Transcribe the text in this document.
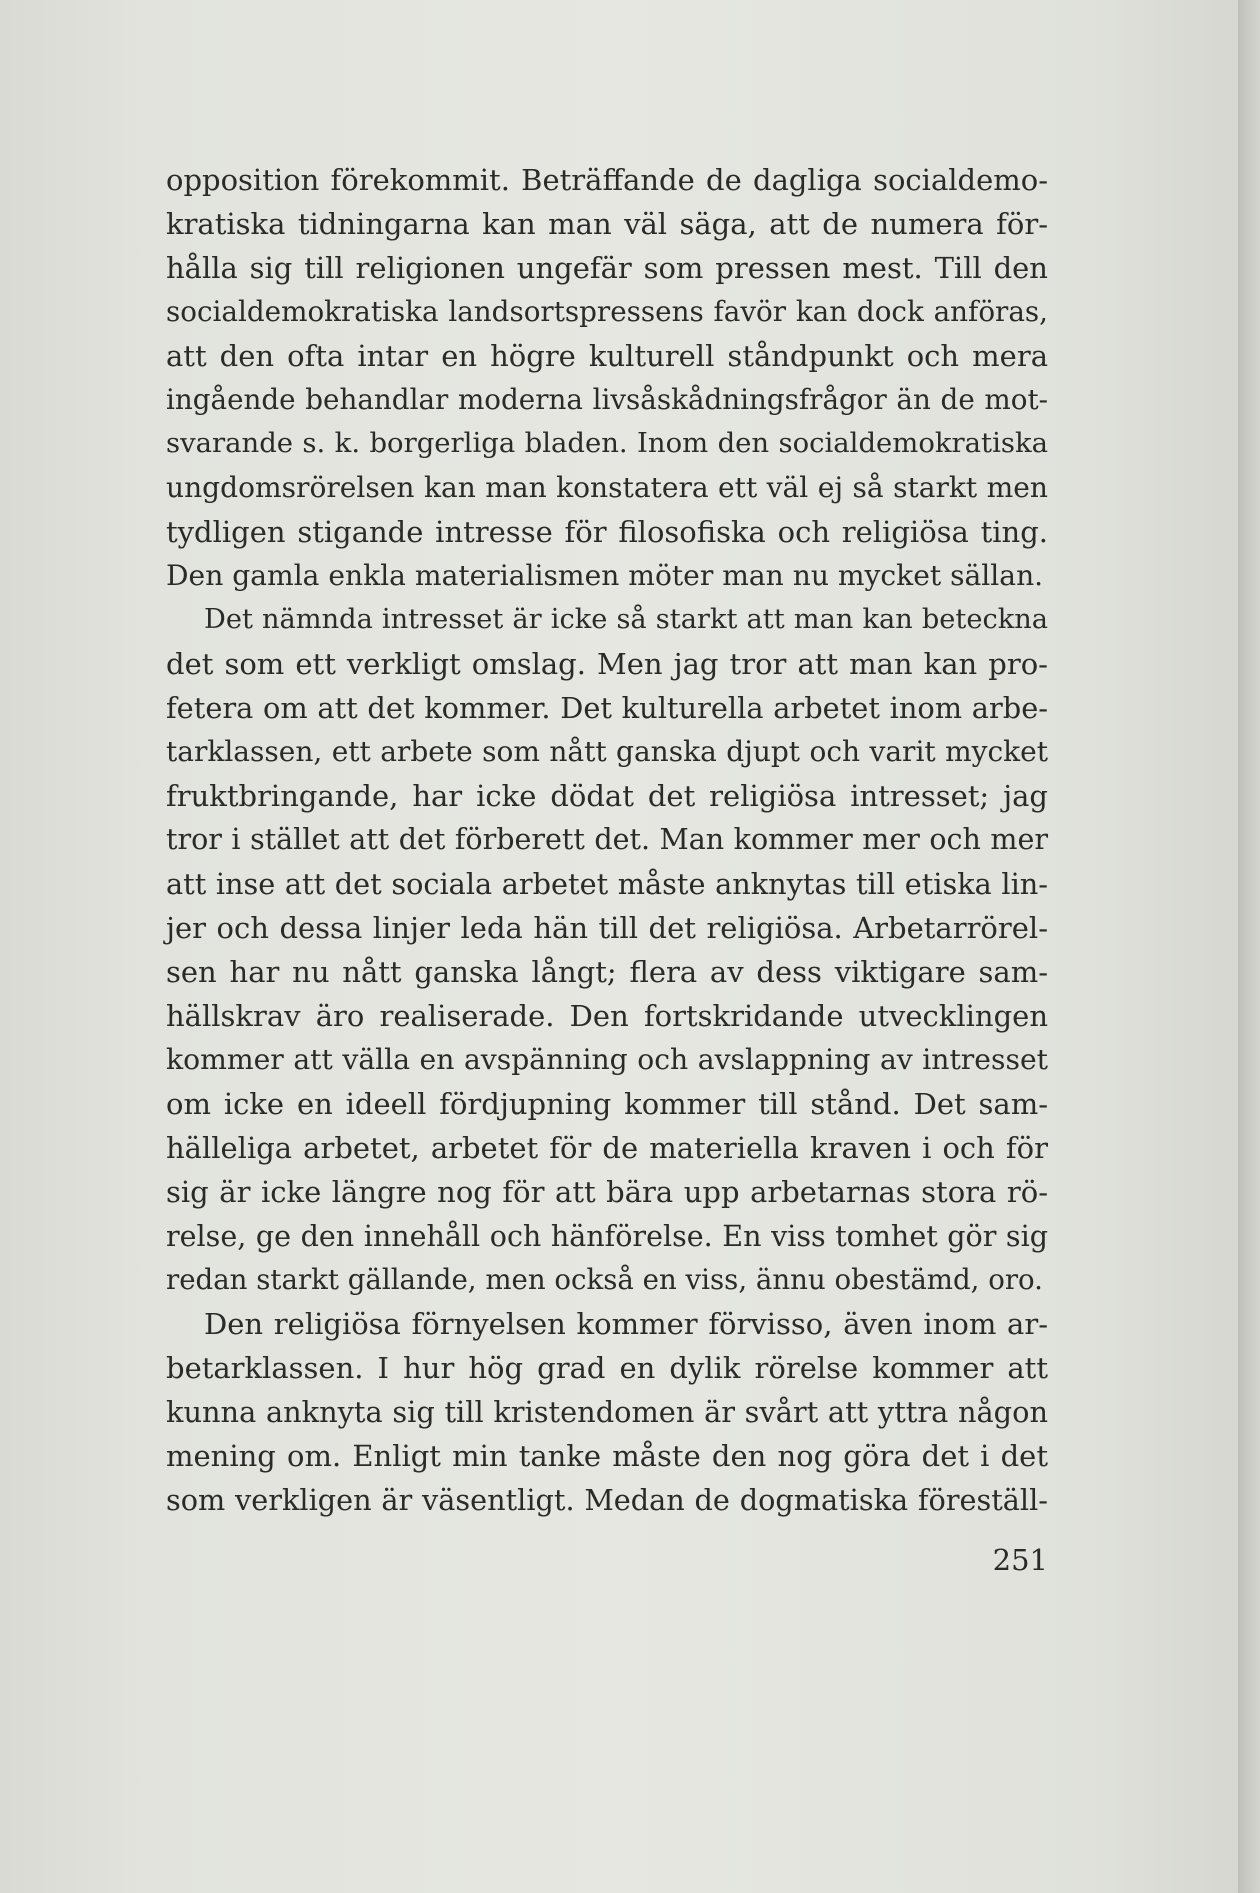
opposition förekommit. Beträffande de dagliga socialdemo-
kratiska tidningarna kan man väl säga, att de numera för-
hålla sig till religionen ungefär som pressen mest. Till den
socialdemokratiska landsortspressens favör kan dock anföras,
att den ofta intar en högre kulturell ståndpunkt och mera
ingående behandlar moderna livsåskådningsfrågor än de mot-
svarande s. k. borgerliga bladen. Inom den socialdemokratiska
ungdomsrörelsen kan man konstatera ett väl ej så starkt men
tydligen stigande intresse för filosofiska och religiösa ting.
Den gamla enkla materialismen möter man nu mycket sällan.
Det nämnda intresset är icke så starkt att man kan beteckna
det som ett verkligt omslag. Men jag tror att man kan pro-
fetera om att det kommer. Det kulturella arbetet inom arbe-
tarklassen, ett arbete som nått ganska djupt och varit mycket
fruktbringande, har icke dödat det religiösa intresset; jag
tror i stället att det förberett det. Man kommer mer och mer
att inse att det sociala arbetet måste anknytas till etiska lin-
jer och dessa linjer leda hän till det religiösa. Arbetarrörel-
sen har nu nått ganska långt; flera av dess viktigare sam-
hällskrav äro realiserade. Den fortskridande utvecklingen
kommer att välla en avspänning och avslappning av intresset
om icke en ideell fördjupning kommer till stånd. Det sam-
hälleliga arbetet, arbetet för de materiella kraven i och för
sig är icke längre nog för att bära upp arbetarnas stora rö-
relse, ge den innehåll och hänförelse. En viss tomhet gör sig
redan starkt gällande, men också en viss, ännu obestämd, oro.
Den religiösa förnyelsen kommer förvisso, även inom ar-
betarklassen. I hur hög grad en dylik rörelse kommer att
kunna anknyta sig till kristendomen är svårt att yttra någon
mening om. Enligt min tanke måste den nog göra det i det
som verkligen är väsentligt. Medan de dogmatiska föreställ-
251
